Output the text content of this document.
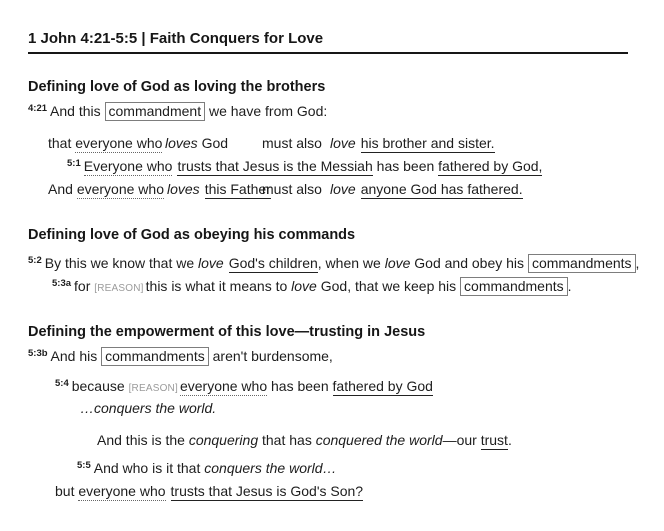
1 John 4:21-5:5 | Faith Conquers for Love
Defining love of God as loving the brothers
$^{4:21}$ And this commandment we have from God:
that everyone who loves God must also love his brother and sister.
$^{5:1}$ Everyone who trusts that Jesus is the Messiah has been fathered by God,
And everyone who loves this Father
must also love anyone God has fathered.
Defining love of God as obeying his commands
$^{5:2}$ By this we know that we love God's children, when we love God and obey his commandments ,
$^{5:3a}$ for [REASON] this is what it means to love God, that we keep his commandments .
Defining the empowerment of this love—trusting in Jesus
$^{5:3b}$ And his commandments aren't burdensome,
$^{5:4}$ because [REASON] everyone who has been fathered by God
…conquers the world.
And this is the conquering that has conquered the world—our trust.
$^{5:5}$ And who is it that conquers the world…
but everyone who trusts that Jesus is God's Son?
